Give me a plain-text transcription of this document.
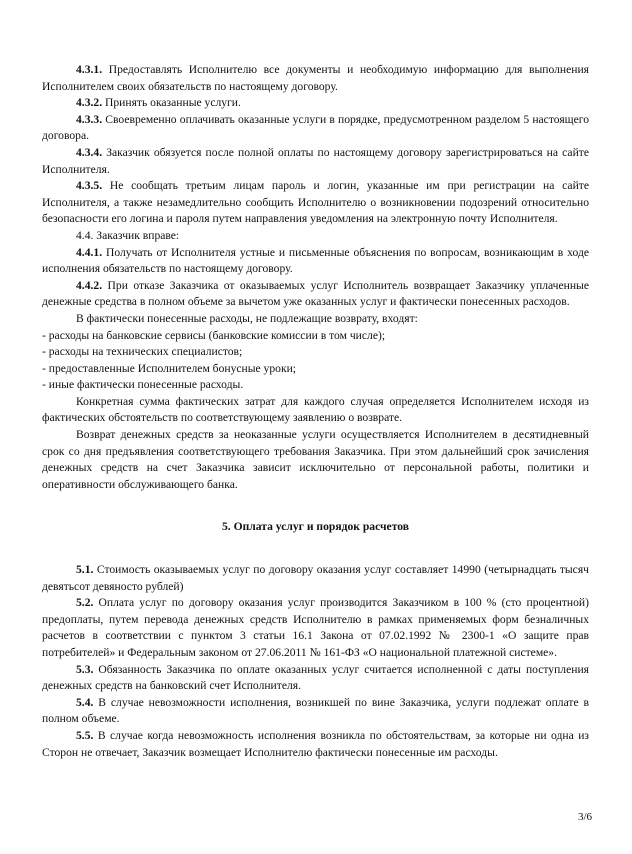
4.3.1. Предоставлять Исполнителю все документы и необходимую информацию для выполнения Исполнителем своих обязательств по настоящему договору.

4.3.2. Принять оказанные услуги.

4.3.3. Своевременно оплачивать оказанные услуги в порядке, предусмотренном разделом 5 настоящего договора.

4.3.4. Заказчик обязуется после полной оплаты по настоящему договору зарегистрироваться на сайте Исполнителя.

4.3.5. Не сообщать третьим лицам пароль и логин, указанные им при регистрации на сайте Исполнителя, а также незамедлительно сообщить Исполнителю о возникновении подозрений относительно безопасности его логина и пароля путем направления уведомления на электронную почту Исполнителя.

4.4. Заказчик вправе:

4.4.1. Получать от Исполнителя устные и письменные объяснения по вопросам, возникающим в ходе исполнения обязательств по настоящему договору.

4.4.2. При отказе Заказчика от оказываемых услуг Исполнитель возвращает Заказчику уплаченные денежные средства в полном объеме за вычетом уже оказанных услуг и фактически понесенных расходов.

В фактически понесенные расходы, не подлежащие возврату, входят:

- расходы на банковские сервисы (банковские комиссии в том числе);

- расходы на технических специалистов;

- предоставленные Исполнителем бонусные уроки;

- иные фактически понесенные расходы.

Конкретная сумма фактических затрат для каждого случая определяется Исполнителем исходя из фактических обстоятельств по соответствующему заявлению о возврате.

Возврат денежных средств за неоказанные услуги осуществляется Исполнителем в десятидневный срок со дня предъявления соответствующего требования Заказчика. При этом дальнейший срок зачисления денежных средств на счет Заказчика зависит исключительно от персональной работы, политики и оперативности обслуживающего банка.

5. Оплата услуг и порядок расчетов

5.1. Стоимость оказываемых услуг по договору оказания услуг составляет 14990 (четырнадцать тысяч девятьсот девяносто рублей)

5.2. Оплата услуг по договору оказания услуг производится Заказчиком в 100 % (сто процентной) предоплаты, путем перевода денежных средств Исполнителю в рамках применяемых форм безналичных расчетов в соответствии с пунктом 3 статьи 16.1 Закона от 07.02.1992 № 2300-1 «О защите прав потребителей» и Федеральным законом от 27.06.2011 № 161-ФЗ «О национальной платежной системе».

5.3. Обязанность Заказчика по оплате оказанных услуг считается исполненной с даты поступления денежных средств на банковский счет Исполнителя.

5.4. В случае невозможности исполнения, возникшей по вине Заказчика, услуги подлежат оплате в полном объеме.

5.5. В случае когда невозможность исполнения возникла по обстоятельствам, за которые ни одна из Сторон не отвечает, Заказчик возмещает Исполнителю фактически понесенные им расходы.

3/6
